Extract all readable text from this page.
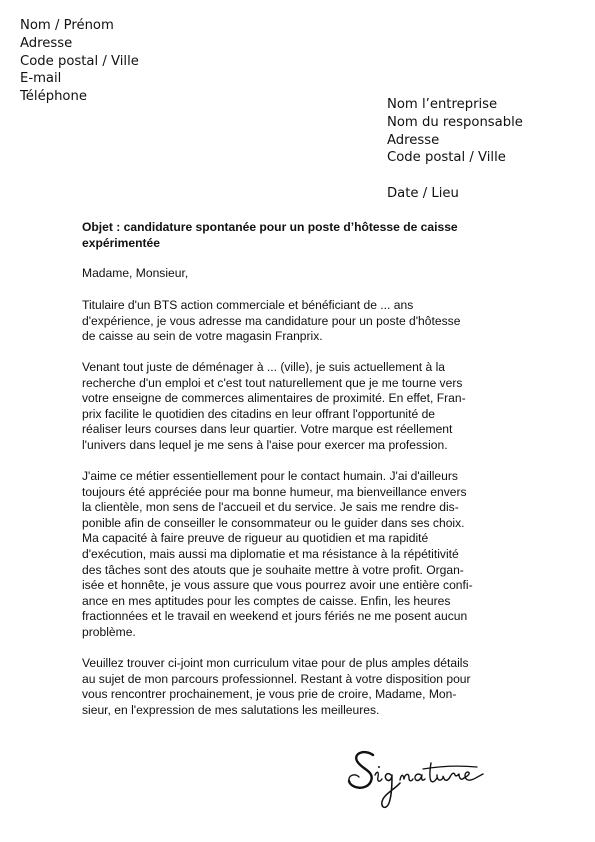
Nom / Prénom
Adresse
Code postal / Ville
E-mail
Téléphone
Nom l’entreprise
Nom du responsable
Adresse
Code postal / Ville
Date / Lieu
Objet : candidature spontanée pour un poste d’hôtesse de caisse
expérimentée
Madame, Monsieur,
Titulaire d'un BTS action commerciale et bénéficiant de ... ans
d'expérience, je vous adresse ma candidature pour un poste d'hôtesse
de caisse au sein de votre magasin Franprix.
Venant tout juste de déménager à ... (ville), je suis actuellement à la
recherche d'un emploi et c'est tout naturellement que je me tourne vers
votre enseigne de commerces alimentaires de proximité. En effet, Fran-
prix facilite le quotidien des citadins en leur offrant l'opportunité de
réaliser leurs courses dans leur quartier. Votre marque est réellement
l'univers dans lequel je me sens à l'aise pour exercer ma profession.
J'aime ce métier essentiellement pour le contact humain. J'ai d'ailleurs
toujours été appréciée pour ma bonne humeur, ma bienveillance envers
la clientèle, mon sens de l'accueil et du service. Je sais me rendre dis-
ponible afin de conseiller le consommateur ou le guider dans ses choix.
Ma capacité à faire preuve de rigueur au quotidien et ma rapidité
d'exécution, mais aussi ma diplomatie et ma résistance à la répétitivité
des tâches sont des atouts que je souhaite mettre à votre profit. Organ-
isée et honnête, je vous assure que vous pourrez avoir une entière confi-
ance en mes aptitudes pour les comptes de caisse. Enfin, les heures
fractionnées et le travail en weekend et jours fériés ne me posent aucun
problème.
Veuillez trouver ci-joint mon curriculum vitae pour de plus amples détails
au sujet de mon parcours professionnel. Restant à votre disposition pour
vous rencontrer prochainement, je vous prie de croire, Madame, Mon-
sieur, en l'expression de mes salutations les meilleures.
